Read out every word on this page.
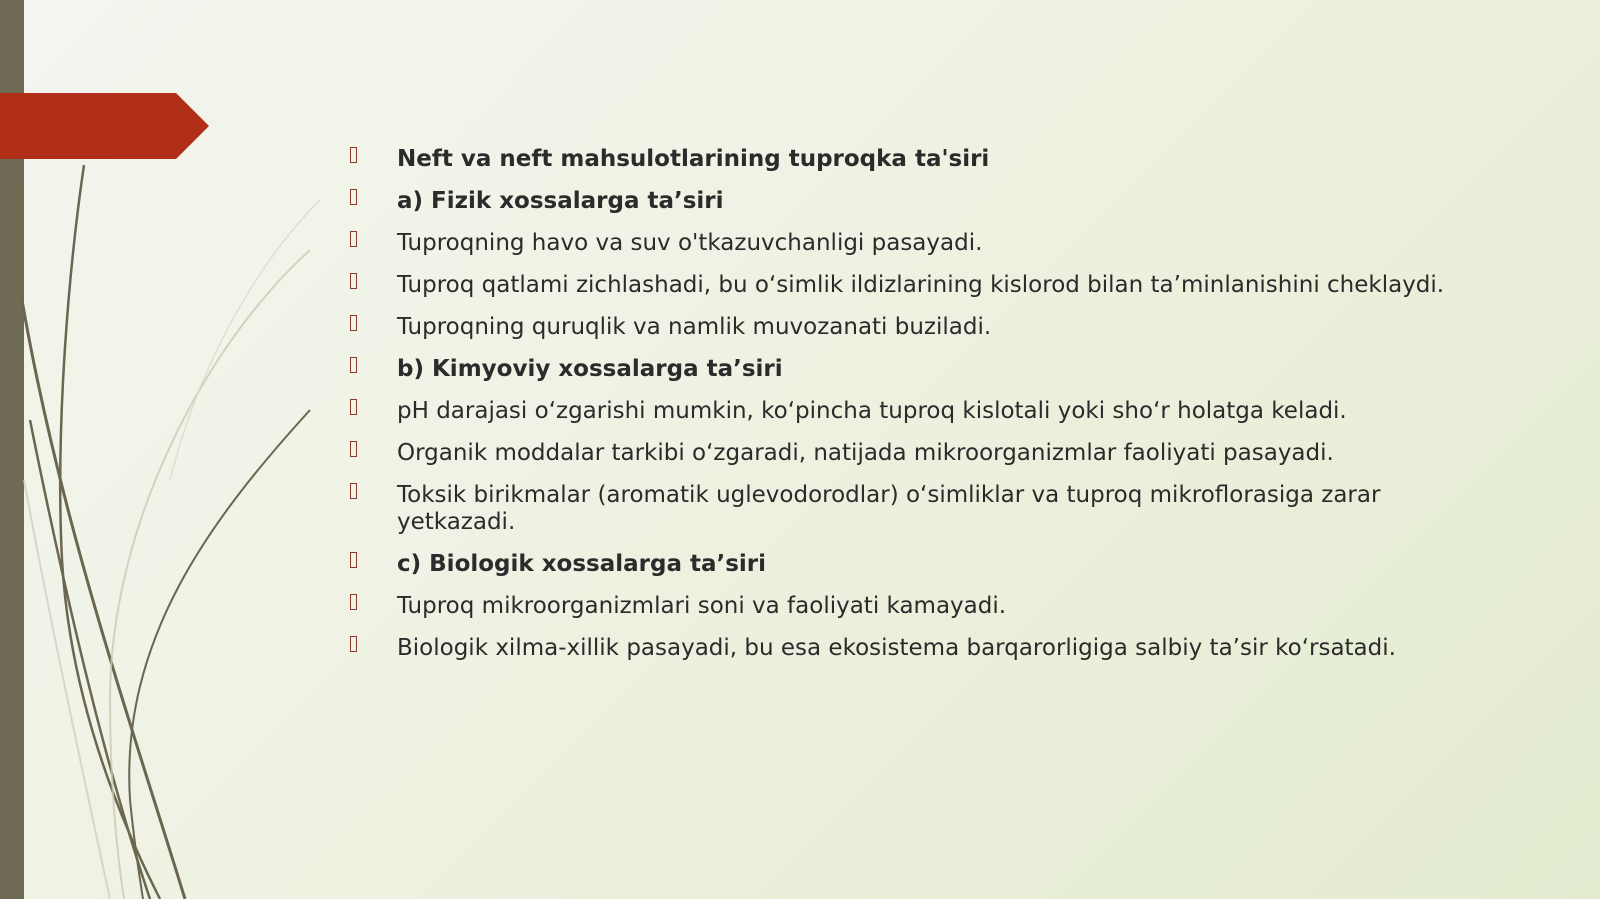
Neft va neft mahsulotlarining tuproqka ta'siri
a) Fizik xossalarga ta’siri
Tuproqning havo va suv o'tkazuvchanligi pasayadi.
Tuproq qatlami zichlashadi, bu o‘simlik ildizlarining kislorod bilan ta’minlanishini cheklaydi.
Tuproqning quruqlik va namlik muvozanati buziladi.
b) Kimyoviy xossalarga ta’siri
pH darajasi o‘zgarishi mumkin, ko‘pincha tuproq kislotali yoki sho‘r holatga keladi.
Organik moddalar tarkibi o‘zgaradi, natijada mikroorganizmlar faoliyati pasayadi.
Toksik birikmalar (aromatik uglevodorodlar) o‘simliklar va tuproq mikroflorasiga zarar yetkazadi.
c) Biologik xossalarga ta’siri
Tuproq mikroorganizmlari soni va faoliyati kamayadi.
Biologik xilma-xillik pasayadi, bu esa ekosistema barqarorligiga salbiy ta’sir ko‘rsatadi.
